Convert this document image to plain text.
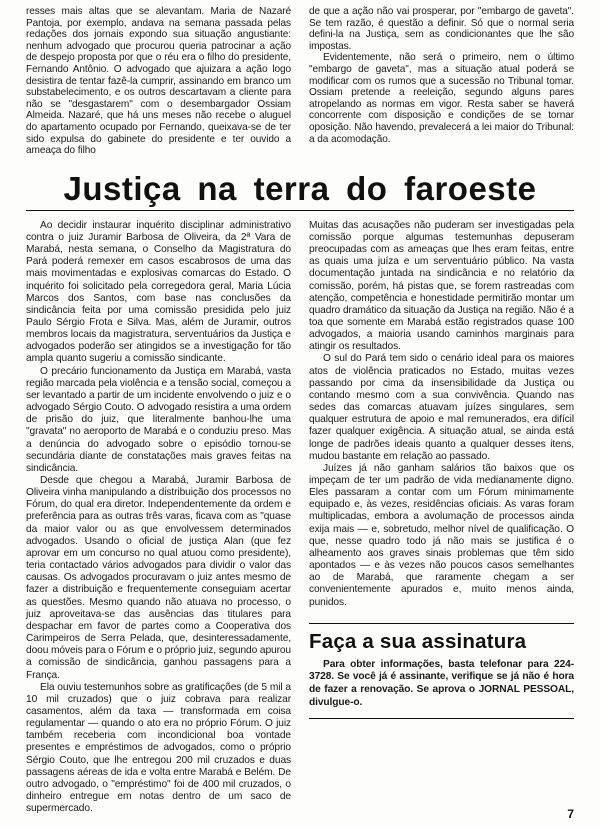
resses mais altas que se alevantam. Maria de Nazaré Pantoja, por exemplo, andava na semana passada pelas redações dos jornais expondo sua situação angustiante: nenhum advogado que procurou queria patrocinar a ação de despejo proposta por que o réu era o filho do presidente, Fernando Antônio. O advogado que ajuizara a ação logo desistira de tentar fazê-la cumprir, assinando em branco um substabelecimento, e os outros descartavam a cliente para não se "desgastarem" com o desembargador Ossiam Almeida. Nazaré, que há uns meses não recebe o aluguel do apartamento ocupado por Fernando, queixava-se de ter sido expulsa do gabinete do presidente e ter ouvido a ameaça do filho

de que a ação não vai prosperar, por "embargo de gaveta". Se tem razão, é questão a definir. Só que o normal seria defini-la na Justiça, sem as condicionantes que lhe são impostas.

Evidentemente, não será o primeiro, nem o último "embargo de gaveta", mas a situação atual poderá se modificar com os rumos que a sucessão no Tribunal tomar. Ossiam pretende a reeleição, segundo alguns pares atropelando as normas em vigor. Resta saber se haverá concorrente com disposição e condições de se tornar oposição. Não havendo, prevalecerá a lei maior do Tribunal: a da acomodação.

Justiça na terra do faroeste

Ao decidir instaurar inquérito disciplinar administrativo contra o juiz Juramir Barbosa de Oliveira, da 2ª Vara de Marabá, nesta semana, o Conselho da Magistratura do Pará poderá remexer em casos escabrosos de uma das mais movimentadas e explosivas comarcas do Estado. O inquérito foi solicitado pela corregedora geral, Maria Lúcia Marcos dos Santos, com base nas conclusões da sindicância feita por uma comissão presidida pelo juiz Paulo Sérgio Frota e Silva. Mas, além de Juramir, outros membros locais da magistratura, serventuários da Justiça e advogados poderão ser atingidos se a investigação for tão ampla quanto sugeriu a comissão sindicante.

O precário funcionamento da Justiça em Marabá, vasta região marcada pela violência e a tensão social, começou a ser levantado a partir de um incidente envolvendo o juiz e o advogado Sérgio Couto. O advogado resistira a uma ordem de prisão do juiz, que literalmente banhou-lhe uma "gravata" no aeroporto de Marabá e o conduziu preso. Mas a denúncia do advogado sobre o episódio tornou-se secundária diante de constatações mais graves feitas na sindicância.

Desde que chegou a Marabá, Juramir Barbosa de Oliveira vinha manipulando a distribuição dos processos no Fórum, do qual era diretor. Independentemente da ordem e preferência para as outras três varas, ficava com as "quase da maior valor ou as que envolvessem determinados advogados. Usando o oficial de justiça Alan (que fez aprovar em um concurso no qual atuou como presidente), teria contactado vários advogados para dividir o valor das causas. Os advogados procuravam o juiz antes mesmo de fazer a distribuição e frequentemente conseguiam acertar as questões. Mesmo quando não atuava no processo, o juiz aproveitava-se das ausências das titulares para despachar em favor de partes como a Cooperativa dos Carimpeiros de Serra Pelada, que, desinteressadamente, doou móveis para o Fórum e o próprio juiz, segundo apurou a comissão de sindicância, ganhou passagens para a França.

Ela ouviu testemunhos sobre as gratificações (de 5 mil a 10 mil cruzados) que o juiz cobrava para realizar casamentos, além da taxa — transformada em coisa regulamentar — quando o ato era no próprio Fórum. O juiz também receberia com incondicional boa vontade presentes e empréstimos de advogados, como o próprio Sérgio Couto, que lhe entregou 200 mil cruzados e duas passagens aéreas de ida e volta entre Marabá e Belém. De outro advogado, o "empréstimo" foi de 400 mil cruzados, o dinheiro entregue em notas dentro de um saco de supermercado.

Muitas das acusações não puderam ser investigadas pela comissão porque algumas testemunhas depuseram preocupadas com as ameaças que lhes eram feitas, entre as quais uma juíza e um serventuário público. Na vasta documentação juntada na sindicância e no relatório da comissão, porém, há pistas que, se forem rastreadas com atenção, competência e honestidade permitirão montar um quadro dramático da situação da Justiça na região. Não é a toa que somente em Marabá estão registrados quase 100 advogados, a maioria usando caminhos marginais para atingir os resultados.

O sul do Pará tem sido o cenário ideal para os maiores atos de violência praticados no Estado, muitas vezes passando por cima da insensibilidade da Justiça ou contando mesmo com a sua convivência. Quando nas sedes das comarcas atuavam juízes singulares, sem qualquer estrutura de apoio e mal remunerados, era difícil fazer qualquer exigência. A situação atual, se ainda está longe de padrões ideais quanto a qualquer desses itens, mudou bastante em relação ao passado.

Juízes já não ganham salários tão baixos que os impeçam de ter um padrão de vida medianamente digno. Eles passaram a contar com um Fórum minimamente equipado e, às vezes, residências oficiais. As varas foram multiplicadas, embora a avolumação de processos ainda exija mais — e, sobretudo, melhor nível de qualificação. O que, nesse quadro todo já não mais se justifica é o alheamento aos graves sinais problemas que têm sido apontados — e às vezes não poucos casos semelhantes ao de Marabá, que raramente chegam a ser convenientemente apurados e, muito menos ainda, punidos.

Faça a sua assinatura

Para obter informações, basta telefonar para 224-3728. Se você já é assinante, verifique se já não é hora de fazer a renovação. Se aprova o JORNAL PESSOAL, divulgue-o.

7
